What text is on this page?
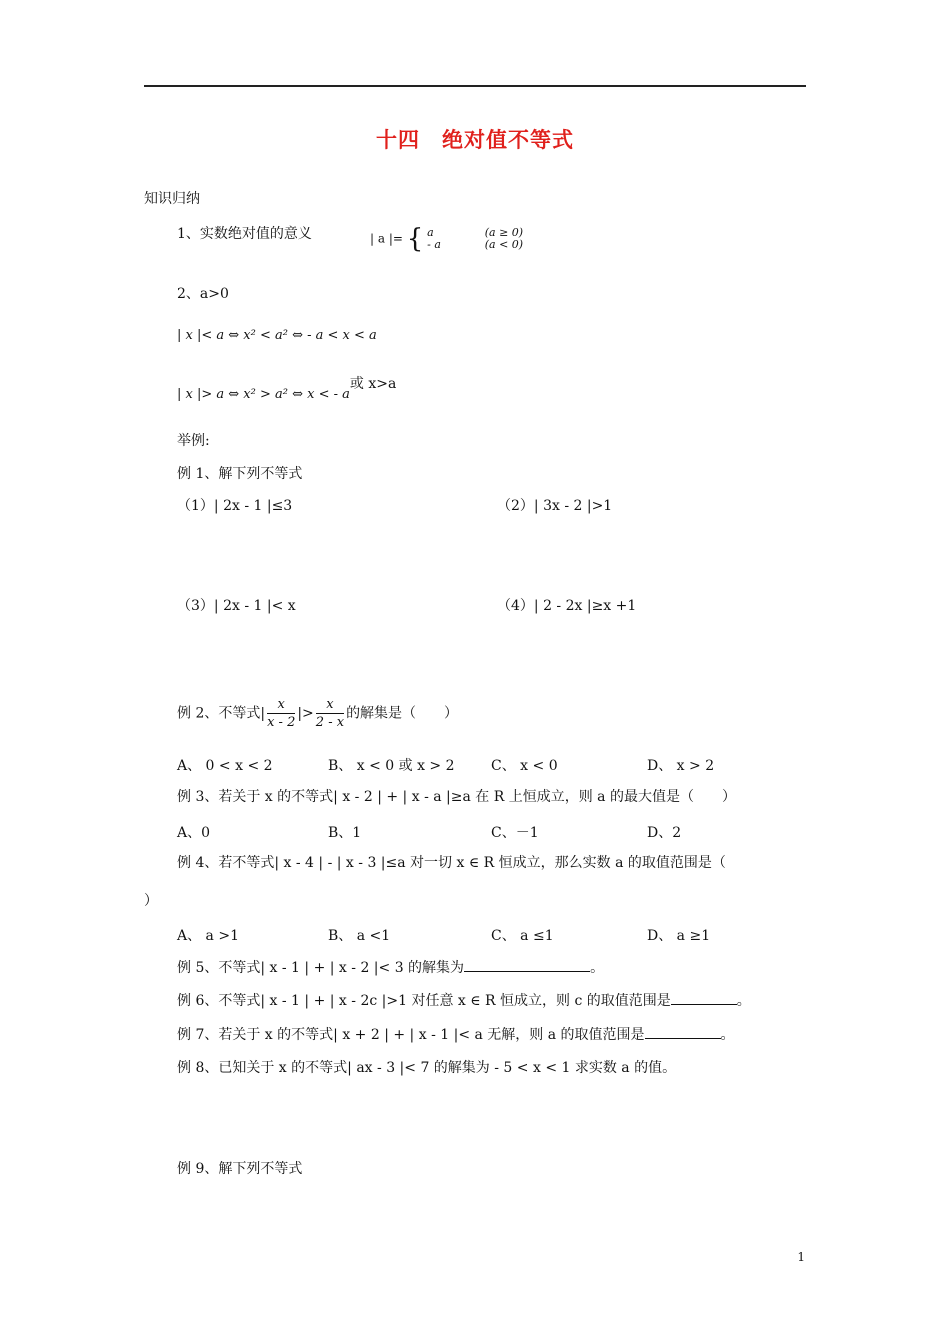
十四　绝对值不等式
知识归纳
1、实数绝对值的意义	| a |= { a
- a

(a ≥ 0)
(a < 0)
2、a>0
| x |< a ⇔ x² < a² ⇔ - a < x < a
| x |> a ⇔ x² > a² ⇔ x < - a或 x>a
举例:
例 1、解下列不等式
（1）| 2x - 1 |≤3	（2）| 3x - 2 |>1
（3）| 2x - 1 |< x	（4）| 2 - 2x |≥x +1
例 2、不等式| $\frac{x}{x - 2}$ |> $\frac{x}{2 - x}$ 的解集是（　　）
A、 0 < x < 2	B、 x < 0 或 x > 2	C、 x < 0	D、 x > 2
例 3、若关于 x 的不等式| x - 2 | + | x - a |≥a 在 R 上恒成立，则 a 的最大值是（　　）
A、0	B、1	C、－1	D、2
例 4、若不等式| x - 4 | - | x - 3 |≤a 对一切 x ∈ R 恒成立，那么实数 a 的取值范围是（
）
A、 a >1	B、 a <1	C、 a ≤1	D、 a ≥1
例 5、不等式| x - 1 | + | x - 2 |< 3 的解集为	。
例 6、不等式| x - 1 | + | x - 2c |>1 对任意 x ∈ R 恒成立，则 c 的取值范围是	。
例 7、若关于 x 的不等式| x + 2 | + | x - 1 |< a 无解，则 a 的取值范围是	。
例 8、已知关于 x 的不等式| ax - 3 |< 7 的解集为 - 5 < x < 1 求实数 a 的值。
例 9、解下列不等式
1
